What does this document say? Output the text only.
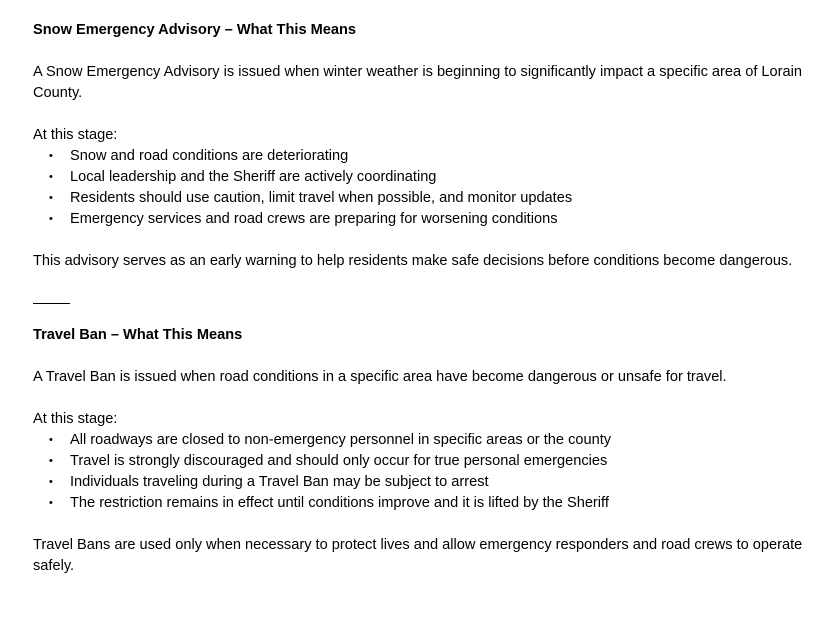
Snow Emergency Advisory – What This Means

A Snow Emergency Advisory is issued when winter weather is beginning to significantly impact a specific area of Lorain County.

At this stage:

• Snow and road conditions are deteriorating
• Local leadership and the Sheriff are actively coordinating
• Residents should use caution, limit travel when possible, and monitor updates
• Emergency services and road crews are preparing for worsening conditions

This advisory serves as an early warning to help residents make safe decisions before conditions become dangerous.

Travel Ban – What This Means

A Travel Ban is issued when road conditions in a specific area have become dangerous or unsafe for travel.

At this stage:

• All roadways are closed to non-emergency personnel in specific areas or the county
• Travel is strongly discouraged and should only occur for true personal emergencies
• Individuals traveling during a Travel Ban may be subject to arrest
• The restriction remains in effect until conditions improve and it is lifted by the Sheriff

Travel Bans are used only when necessary to protect lives and allow emergency responders and road crews to operate safely.
